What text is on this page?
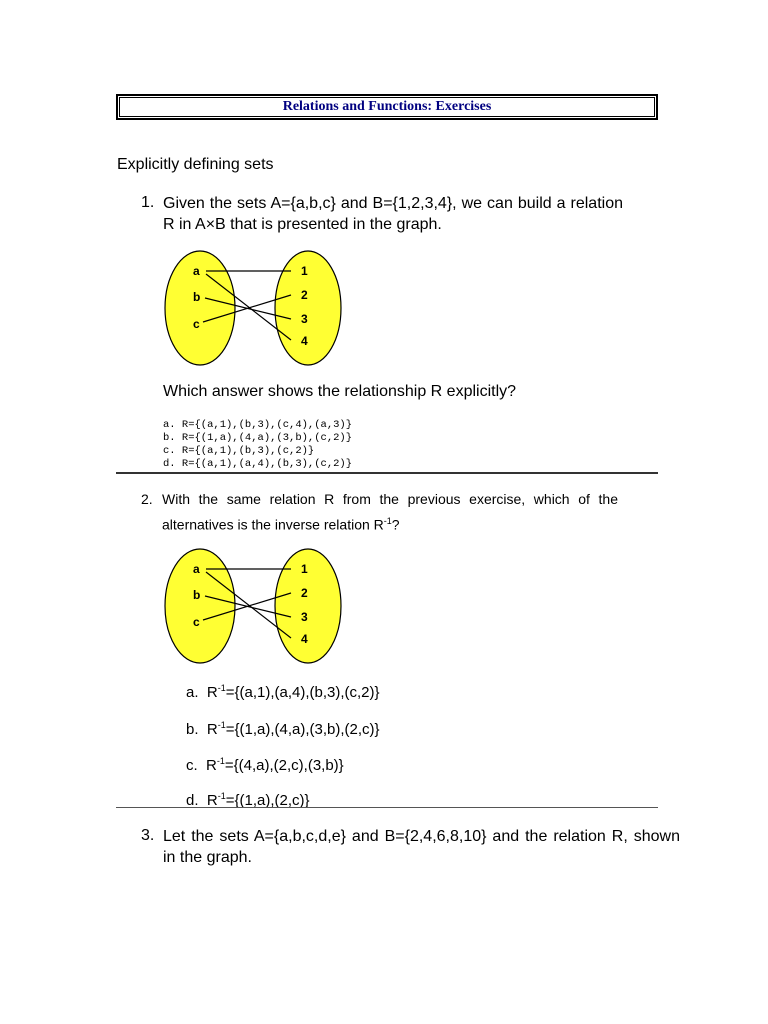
Relations and Functions: Exercises
Explicitly defining sets
1. Given the sets A={a,b,c} and B={1,2,3,4}, we can build a relation R in A×B that is presented in the graph.
a
b
c
1
2
3
4
Which answer shows the relationship R explicitly?
a. R={(a,1),(b,3),(c,4),(a,3)}
b. R={(1,a),(4,a),(3,b),(c,2)}
c. R={(a,1),(b,3),(c,2)}
d. R={(a,1),(a,4),(b,3),(c,2)}
2. With the same relation R from the previous exercise, which of the alternatives is the inverse relation $R^{-1}$?
a
b
c
1
2
3
4
a. $R^{-1}=\{(a,1),(a,4),(b,3),(c,2)\}$
b. $R^{-1}=\{(1,a),(4,a),(3,b),(2,c)\}$
c. $R^{-1}=\{(4,a),(2,c),(3,b)\}$
d. $R^{-1}=\{(1,a),(2,c)\}$
3. Let the sets A={a,b,c,d,e} and B={2,4,6,8,10} and the relation R, shown in the graph.
